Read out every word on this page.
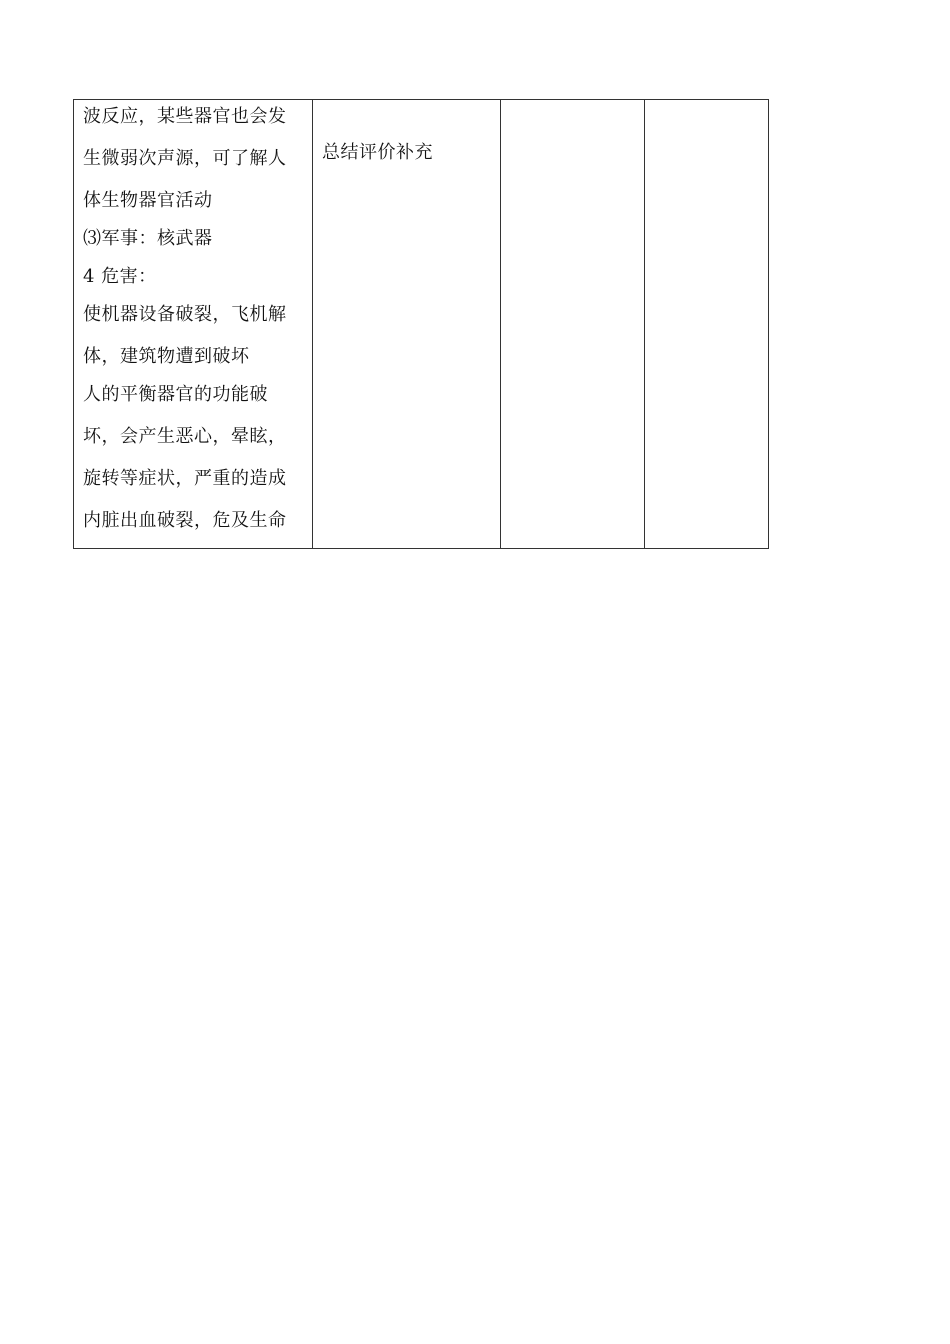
波反应，某些器官也会发
生微弱次声源，可了解人
体生物器官活动
⑶军事：核武器
4 危害：
使机器设备破裂，飞机解
体，建筑物遭到破坏
人的平衡器官的功能破
坏，会产生恶心，晕眩，
旋转等症状，严重的造成
内脏出血破裂，危及生命

总结评价补充
